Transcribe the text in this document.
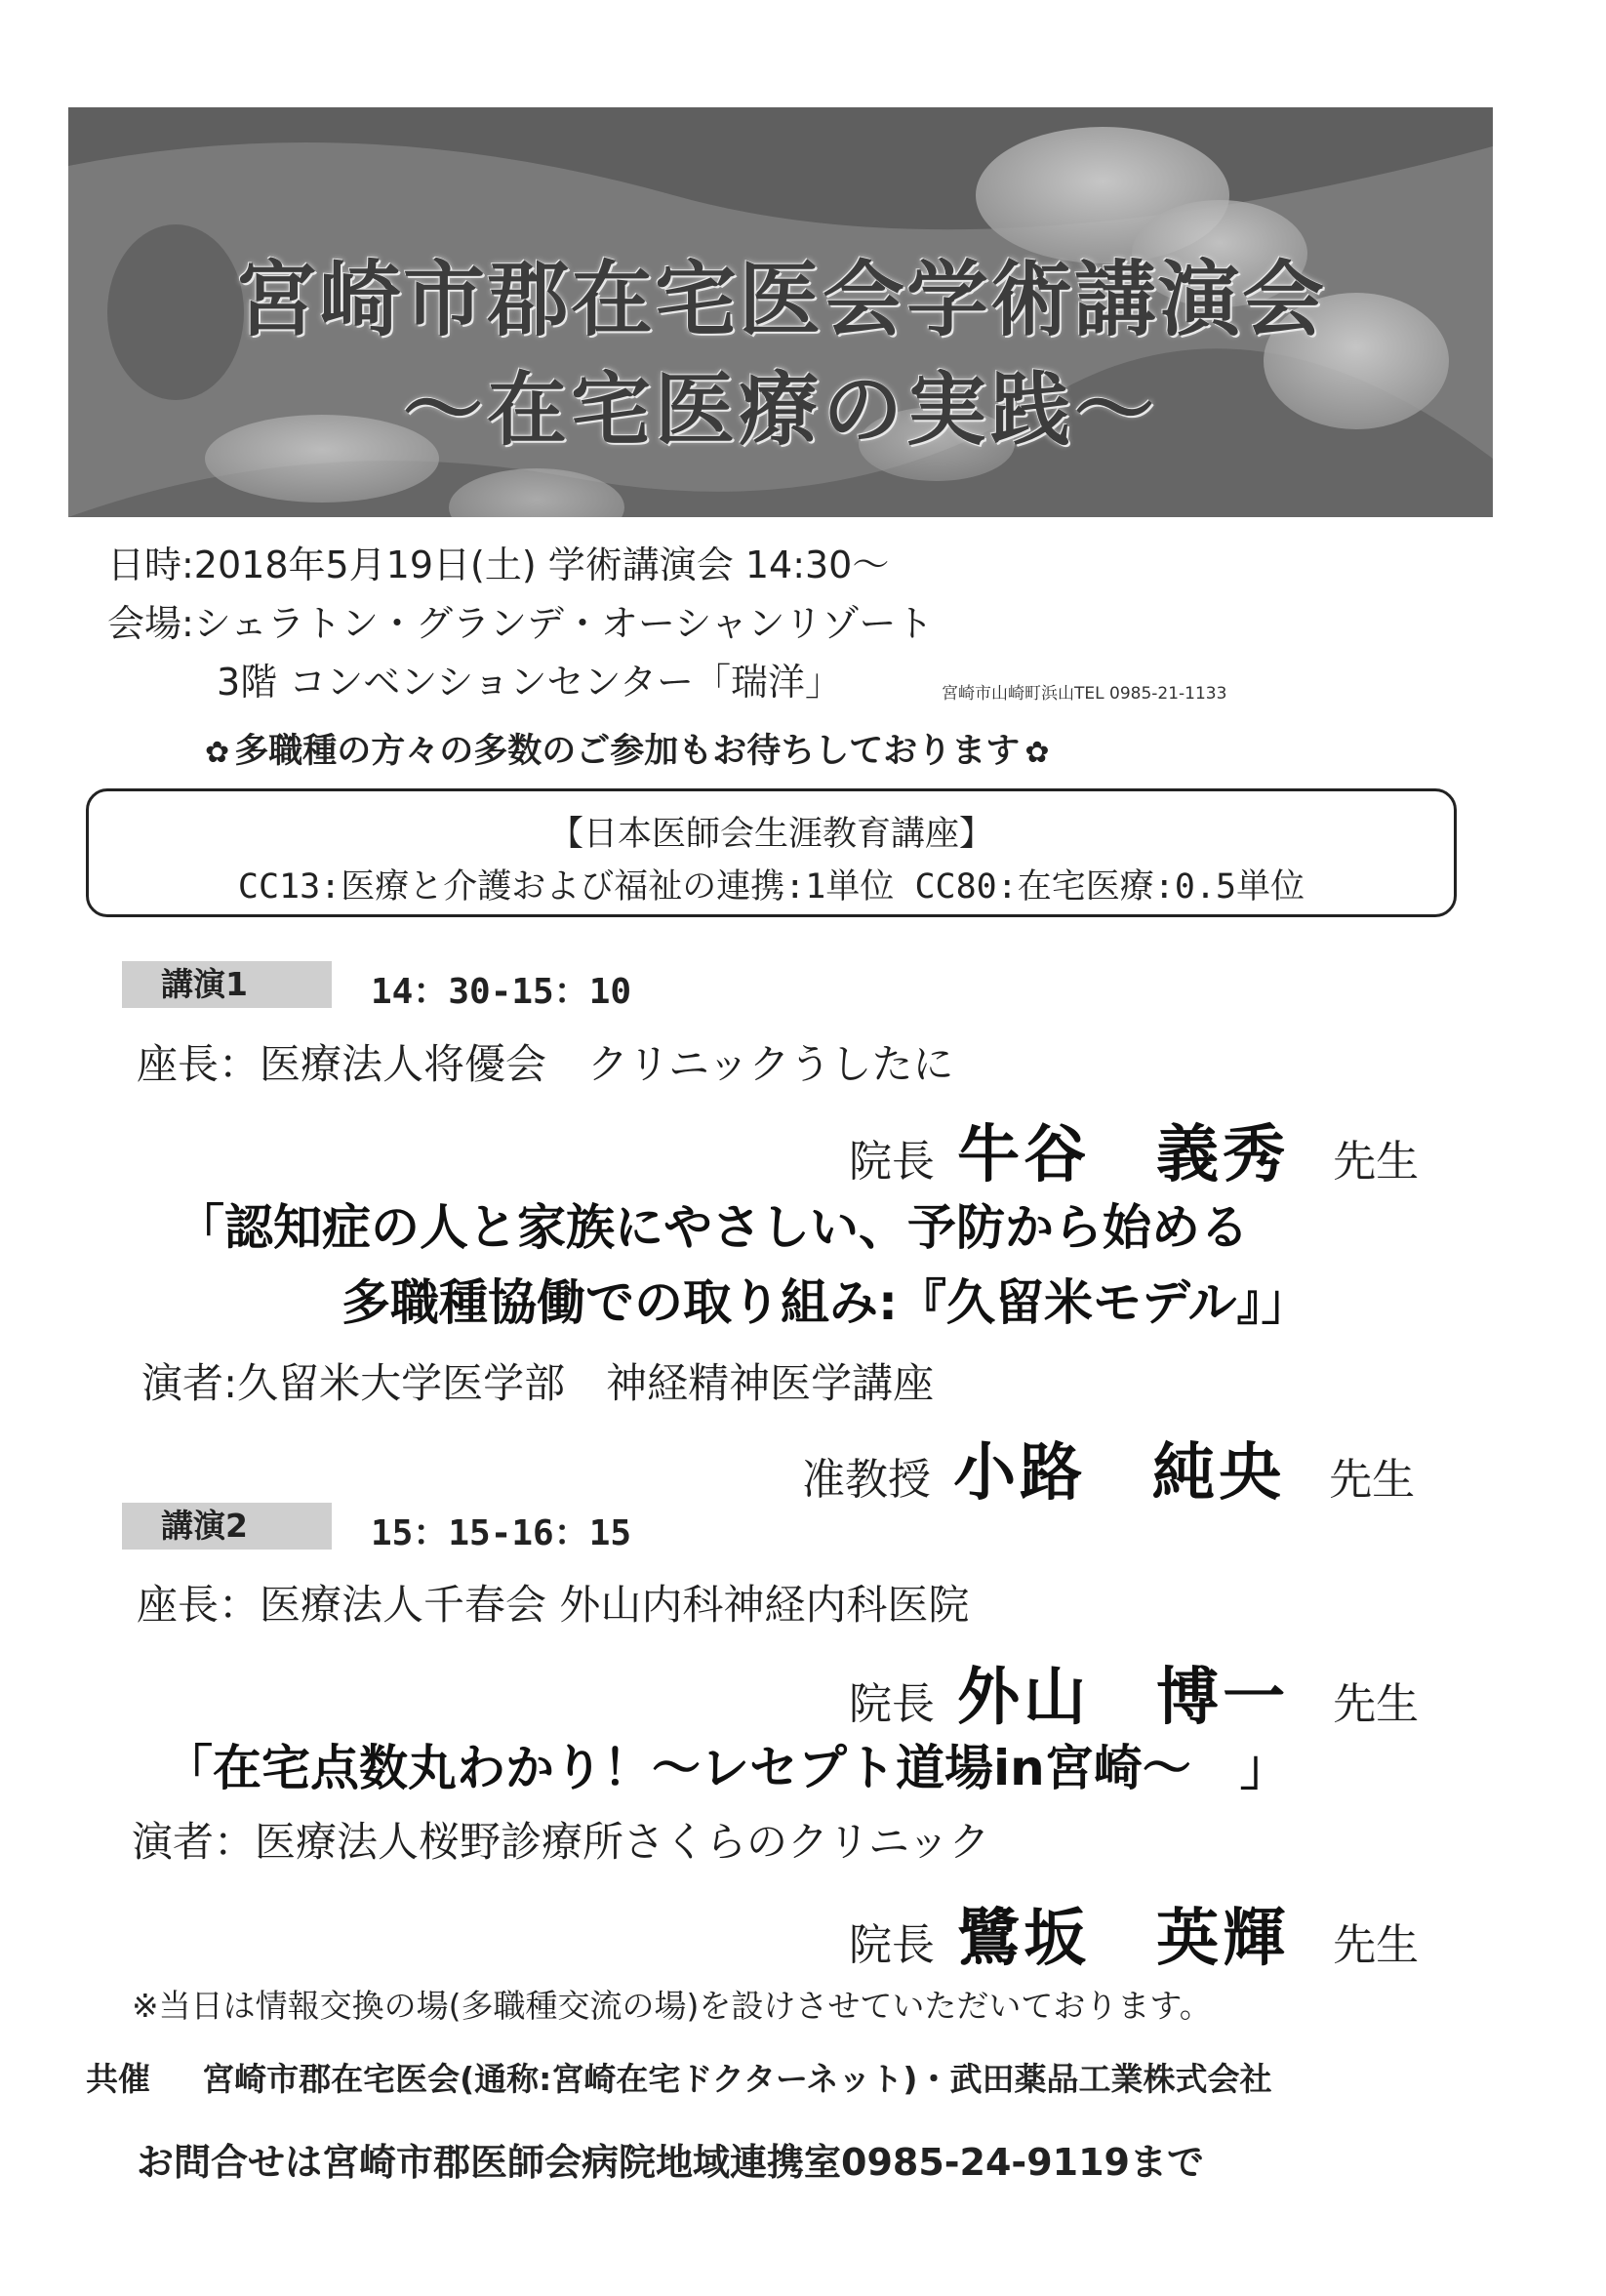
宮崎市郡在宅医会学術講演会
～在宅医療の実践～
日時:2018年5月19日(土) 学術講演会 14:30～
会場:シェラトン・グランデ・オーシャンリゾート
3階 コンベンションセンター「瑞洋」	宮崎市山崎町浜山TEL 0985-21-1133
✿ 多職種の方々の多数のご参加もお待ちしております ✿
【日本医師会生涯教育講座】
CC13:医療と介護および福祉の連携:1単位 CC80:在宅医療:0.5単位
講演1	14：30-15：10
座長：医療法人将優会　クリニックうしたに
院長 牛谷　義秀 先生
「認知症の人と家族にやさしい、予防から始める
多職種協働での取り組み:『久留米モデル』」
演者:久留米大学医学部　神経精神医学講座
准教授 小路　純央 先生
講演2	15：15-16：15
座長：医療法人千春会 外山内科神経内科医院
院長 外山　博一 先生
「在宅点数丸わかり！～レセプト道場in宮崎～　」
演者：医療法人桜野診療所さくらのクリニック
院長 鷺坂　英輝 先生
※当日は情報交換の場(多職種交流の場)を設けさせていただいております。
共催 宮崎市郡在宅医会(通称:宮崎在宅ドクターネット)・武田薬品工業株式会社
お問合せは宮崎市郡医師会病院地域連携室0985-24-9119まで
